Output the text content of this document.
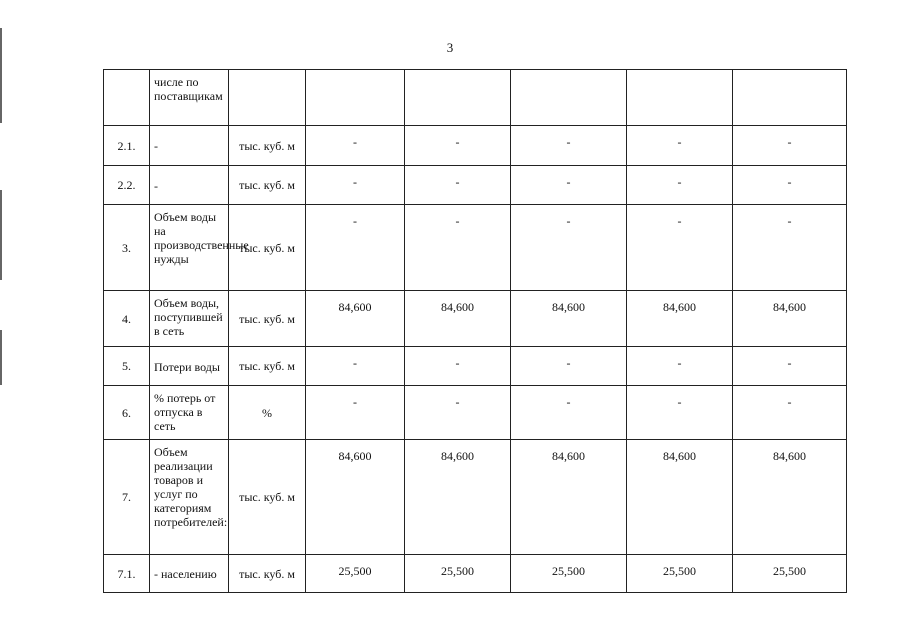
3
	числе по поставщикам						
2.1.	-	тыс. куб. м	-	-	-	-	-
2.2.	-	тыс. куб. м	-	-	-	-	-
3.	Объем воды на производственные нужды	тыс. куб. м	-	-	-	-	-
4.	Объем воды, поступившей в сеть	тыс. куб. м	84,600	84,600	84,600	84,600	84,600
5.	Потери воды	тыс. куб. м	-	-	-	-	-
6.	% потерь от отпуска в сеть	%	-	-	-	-	-
7.	Объем реализации товаров и услуг по категориям потребителей:	тыс. куб. м	84,600	84,600	84,600	84,600	84,600
7.1.	- населению	тыс. куб. м	25,500	25,500	25,500	25,500	25,500
